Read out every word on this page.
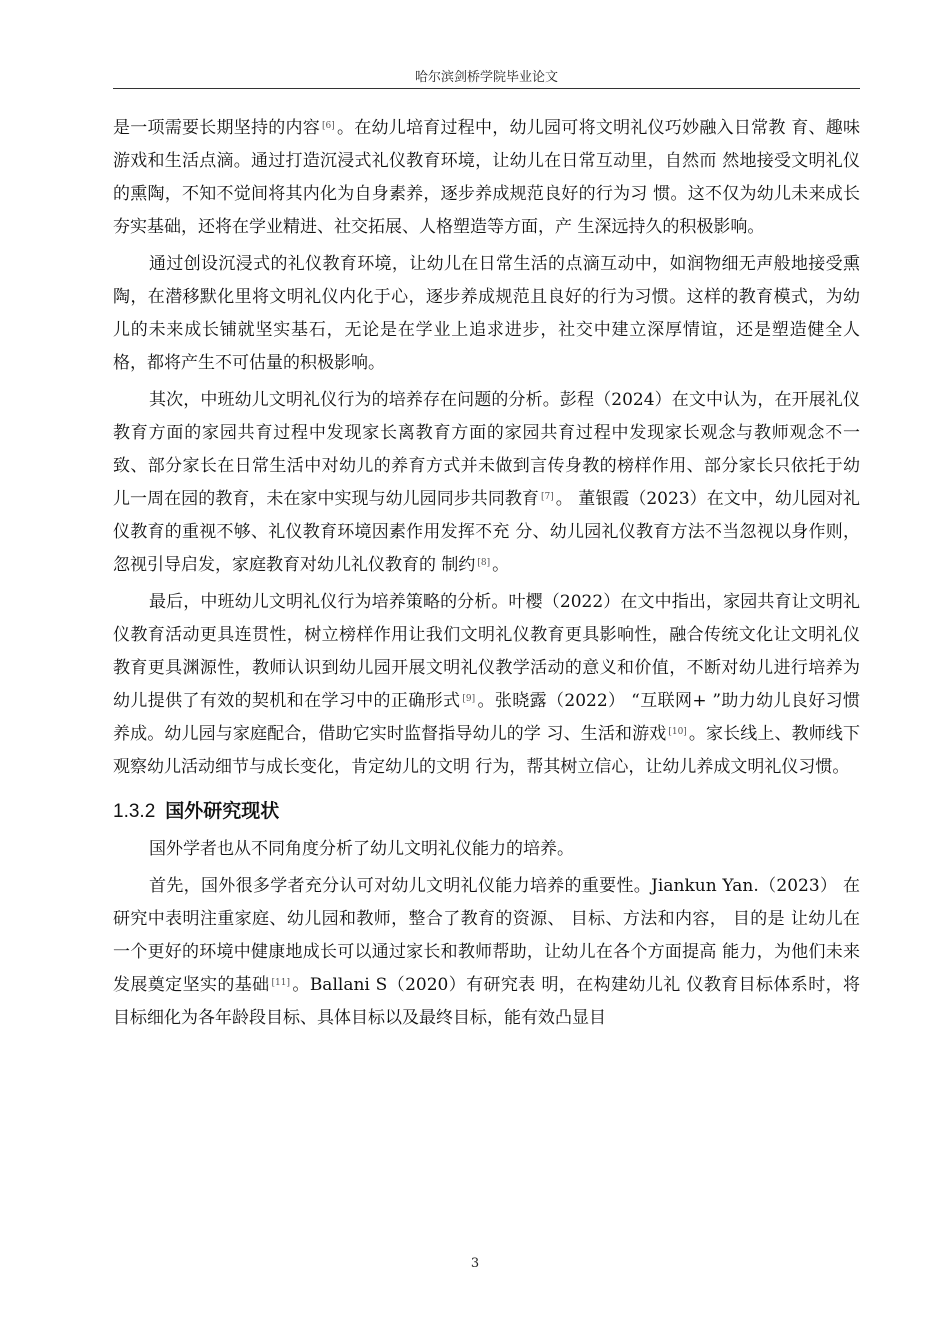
哈尔滨剑桥学院毕业论文

是一项需要长期坚持的内容 [6] 。在幼儿培育过程中，幼儿园可将文明礼仪巧妙融入日常教 育、趣味游戏和生活点滴。通过打造沉浸式礼仪教育环境，让幼儿在日常互动里，自然而 然地接受文明礼仪的熏陶，不知不觉间将其内化为自身素养，逐步养成规范良好的行为习 惯。这不仅为幼儿未来成长夯实基础，还将在学业精进、社交拓展、人格塑造等方面，产 生深远持久的积极影响。

通过创设沉浸式的礼仪教育环境，让幼儿在日常生活的点滴互动中，如润物细无声般地接受熏陶，在潜移默化里将文明礼仪内化于心，逐步养成规范且良好的行为习惯。这样的教育模式，为幼儿的未来成长铺就坚实基石，无论是在学业上追求进步，社交中建立深厚情谊，还是塑造健全人格，都将产生不可估量的积极影响。

其次，中班幼儿文明礼仪行为的培养存在问题的分析。彭程（2024）在文中认为，在开展礼仪教育方面的家园共育过程中发现家长离教育方面的家园共育过程中发现家长观念与教师观念不一致、部分家长在日常生活中对幼儿的养育方式并未做到言传身教的榜样作用、部分家长只依托于幼儿一周在园的教育，未在家中实现与幼儿园同步共同教育 [7] 。 董银霞（2023）在文中，幼儿园对礼仪教育的重视不够、礼仪教育环境因素作用发挥不充 分、幼儿园礼仪教育方法不当忽视以身作则，忽视引导启发，家庭教育对幼儿礼仪教育的 制约 [8] 。

最后，中班幼儿文明礼仪行为培养策略的分析。叶樱（2022）在文中指出，家园共育让文明礼仪教育活动更具连贯性，树立榜样作用让我们文明礼仪教育更具影响性，融合传统文化让文明礼仪教育更具渊源性，教师认识到幼儿园开展文明礼仪教学活动的意义和价值，不断对幼儿进行培养为幼儿提供了有效的契机和在学习中的正确形式 [9] 。张晓露（2022） “互联网+ ”助力幼儿良好习惯养成。幼儿园与家庭配合，借助它实时监督指导幼儿的学 习、生活和游戏 [10] 。家长线上、教师线下观察幼儿活动细节与成长变化，肯定幼儿的文明 行为，帮其树立信心，让幼儿养成文明礼仪习惯。

1.3.2 国外研究现状

国外学者也从不同角度分析了幼儿文明礼仪能力的培养。

首先，国外很多学者充分认可对幼儿文明礼仪能力培养的重要性。Jiankun Yan.（2023） 在研究中表明注重家庭、幼儿园和教师，整合了教育的资源、 目标、方法和内容， 目的是 让幼儿在一个更好的环境中健康地成长可以通过家长和教师帮助，让幼儿在各个方面提高 能力，为他们未来发展奠定坚实的基础 [11] 。Ballani S（2020）有研究表 明，在构建幼儿礼 仪教育目标体系时，将目标细化为各年龄段目标、具体目标以及最终目标，能有效凸显目

3
